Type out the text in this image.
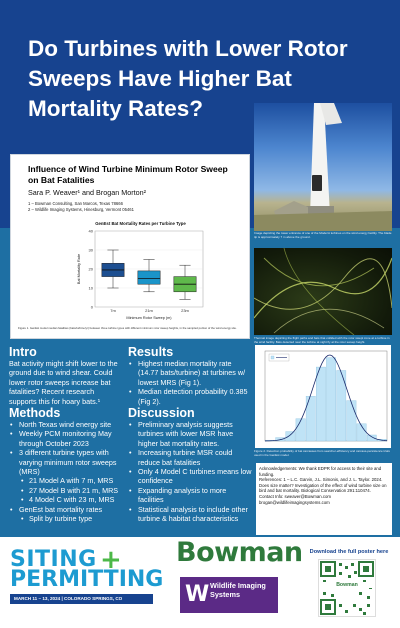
Do Turbines with Lower Rotor Sweeps Have Higher Bat Mortality Rates?
Influence of Wind Turbine Minimum Rotor Sweep on Bat Fatalities
Sara P. Weaver¹ and Brogan Morton²
1 – Bowman Consulting, San Marcos, Texas 78666
2 – Wildlife Imaging Systems, Hinesburg, Vermont 05461
GenEst Bat Mortality Rates per Turbine Type
0
10
20
30
40
7m	21m	23m
Minimum Rotor Sweep (m)
Bat Mortality Rate
Figure 1. GenEst model median fatalities (bats/turbine/yr) between three turbine types with different minimum rotor sweep heights, in the sampled portion of the wind energy site.
Image depicting the tower entrance of one of the Model A turbines on the wind energy facility. The blade tip is approximately 7 m above the ground.
Thermal image depicting the flight paths and bats that collided with the rotor swept zone at a turbine in the wind facility. Bats detected near the turbine at night fly at the rotor sweep height.
Figure 2. Detection probability of bat carcasses from searcher-efficiency and carcass-persistence trials used in the GenEst model.
Intro

Bat activity might shift lower to the ground due to wind shear. Could lower rotor sweeps increase bat fatalities? Recent research supports this for hoary bats.¹

Methods
• North Texas wind energy site
• Weekly PCM monitoring May through October 2023
• 3 different turbine types with varying minimum rotor sweeps (MRS)
• 21 Model A with 7 m, MRS
• 27 Model B with 21 m, MRS
• 4 Model C with 23 m, MRS
• GenEst bat mortality rates
• Split by turbine type
Results
• Highest median mortality rate (14.77 bats/turbine) at turbines w/ lowest MRS (Fig 1).
• Median detection probability 0.385 (Fig 2).
Discussion
• Preliminary analysis suggests turbines with lower MSR have higher bat mortality rates.
• Increasing turbine MSR could reduce bat fatalities
• Only 4 Model C turbines means low confidence
• Expanding analysis to more facilities
• Statistical analysis to include other turbine & habitat characteristics
Acknowledgements: We thank EDPR for access to their site and funding.
References: 1 – L.C. Garvin, J.L. Simonis, and J. L. Taylor. 2024. Does size matter? Investigation of the effect of wind turbine size on bird and bat mortality. Biological Conservation 291:110474.
Contact Info: sweaver@Bowman.com brogan@wildlifeimagingsystems.com
SITING +
PERMITTING
MARCH 11 – 13, 2024 | COLORADO SPRINGS, CO
Bowman
W Wildlife Imaging Systems
Download the full poster here
Bowman
